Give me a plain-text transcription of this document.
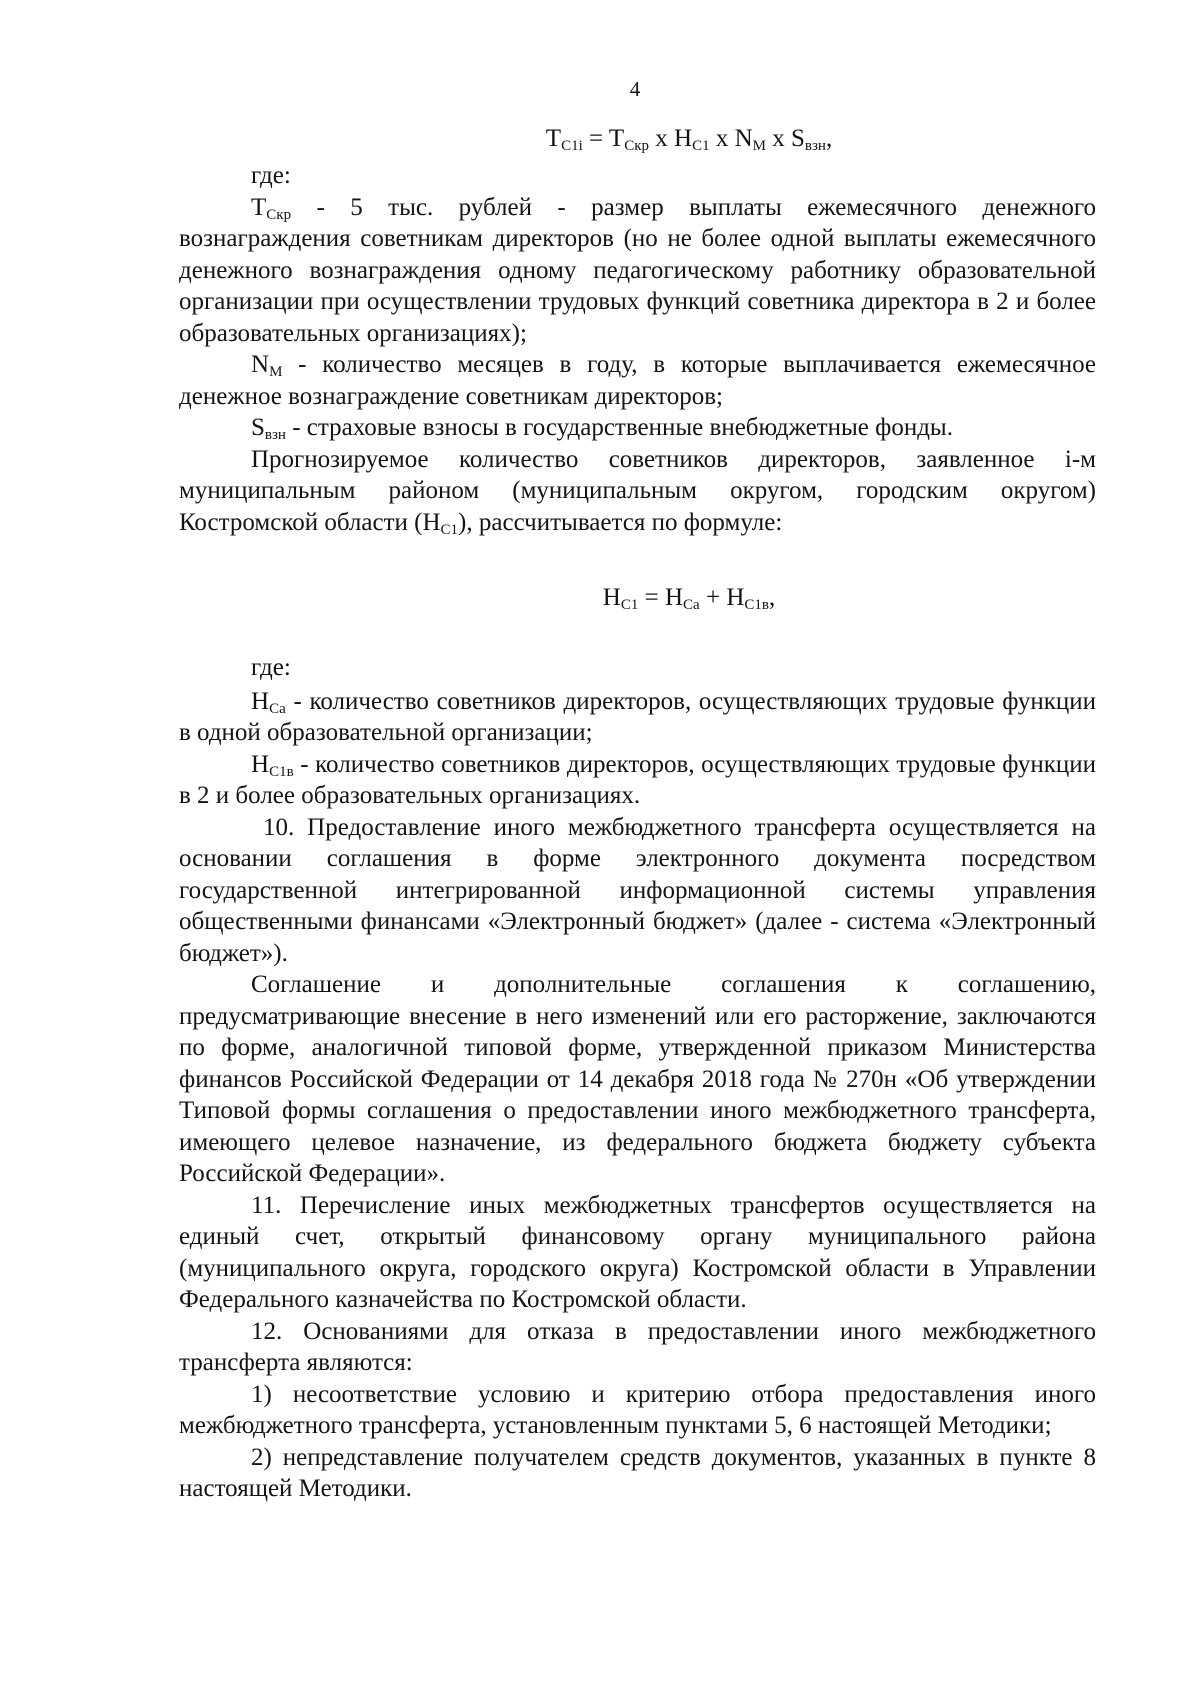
4
$T_{C1i} = T_{Скр}$ x $Н_{C1}$ x $N_М$ x $S_{взн}$,

где:

$T_{Скр} - 5$ тыс. рублей - размер выплаты ежемесячного денежного вознаграждения советникам директоров (но не более одной выплаты ежемесячного денежного вознаграждения одному педагогическому работнику образовательной организации при осуществлении трудовых функций советника директора в 2 и более образовательных организациях);

$N_М$ - количество месяцев в году, в которые выплачивается ежемесячное денежное вознаграждение советникам директоров;

$S_{взн}$ - страховые взносы в государственные внебюджетные фонды.

Прогнозируемое количество советников директоров, заявленное i-м муниципальным районом (муниципальным округом, городским округом) Костромской области $(Н_{C1})$, рассчитывается по формуле:

$Н_{C1} = Н_{Са} + Н_{C1в}$,

где:

$Н_{Са}$ - количество советников директоров, осуществляющих трудовые функции в одной образовательной организации;

$Н_{C1в}$ - количество советников директоров, осуществляющих трудовые функции в 2 и более образовательных организациях.

10. Предоставление иного межбюджетного трансферта осуществляется на основании соглашения в форме электронного документа посредством государственной интегрированной информационной системы управления общественными финансами «Электронный бюджет» (далее - система «Электронный бюджет»).

Соглашение и дополнительные соглашения к соглашению, предусматривающие внесение в него изменений или его расторжение, заключаются по форме, аналогичной типовой форме, утвержденной приказом Министерства финансов Российской Федерации от 14 декабря 2018 года № 270н «Об утверждении Типовой формы соглашения о предоставлении иного межбюджетного трансферта, имеющего целевое назначение, из федерального бюджета бюджету субъекта Российской Федерации».

11. Перечисление иных межбюджетных трансфертов осуществляется на единый счет, открытый финансовому органу муниципального района (муниципального округа, городского округа) Костромской области в Управлении Федерального казначейства по Костромской области.

12. Основаниями для отказа в предоставлении иного межбюджетного трансферта являются:

1) несоответствие условию и критерию отбора предоставления иного межбюджетного трансферта, установленным пунктами 5, 6 настоящей Методики;

2) непредставление получателем средств документов, указанных в пункте 8 настоящей Методики.
